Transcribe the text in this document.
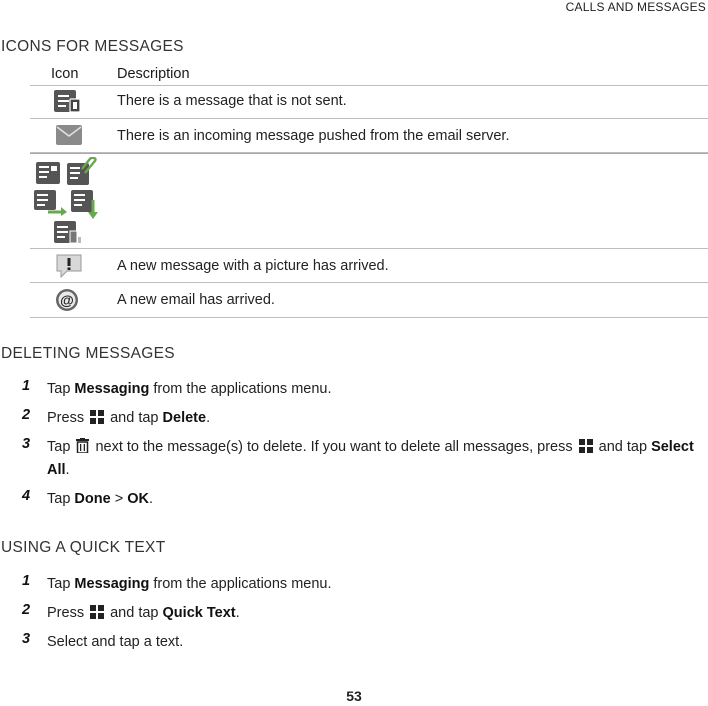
CALLS AND MESSAGES
ICONS FOR MESSAGES
Icon	Description
There is a message that is not sent.
There is an incoming message pushed from the email server.
A new message with a picture has arrived.
@	A new email has arrived.
DELETING MESSAGES
1 Tap Messaging from the applications menu.
2 Press  and tap Delete.
3 Tap  next to the message(s) to delete. If you want to delete all messages, press  and tap Select All.
4 Tap Done > OK.
USING A QUICK TEXT
1 Tap Messaging from the applications menu.
2 Press  and tap Quick Text.
3 Select and tap a text.
53
